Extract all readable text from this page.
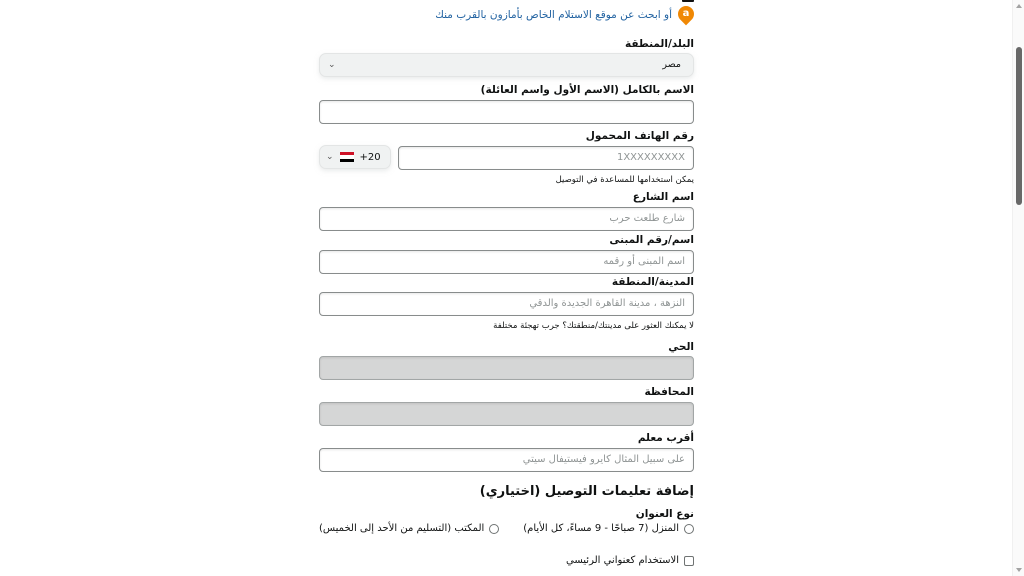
a
أو ابحث عن موقع الاستلام الخاص بأمازون بالقرب منك
البلد/المنطقة
مصر
⌄
الاسم بالكامل (الاسم الأول واسم العائلة)
رقم الهاتف المحمول
⌄	+20	1XXXXXXXXX
يمكن استخدامها للمساعدة في التوصيل
اسم الشارع
شارع طلعت حرب
اسم/رقم المبنى
اسم المبنى أو رقمه
المدينة/المنطقة
النزهة ، مدينة القاهرة الجديدة والدقي
لا يمكنك العثور على مدينتك/منطقتك؟ جرب تهجئة مختلفة
الحي
المحافظة
أقرب معلم
على سبيل المثال كايرو فيستيفال سيتي
إضافة تعليمات التوصيل (اختياري)
نوع العنوان
المنزل (7 صباحًا - 9 مساءً، كل الأيام)
المكتب (التسليم من الأحد إلى الخميس)
الاستخدام كعنواني الرئيسي
